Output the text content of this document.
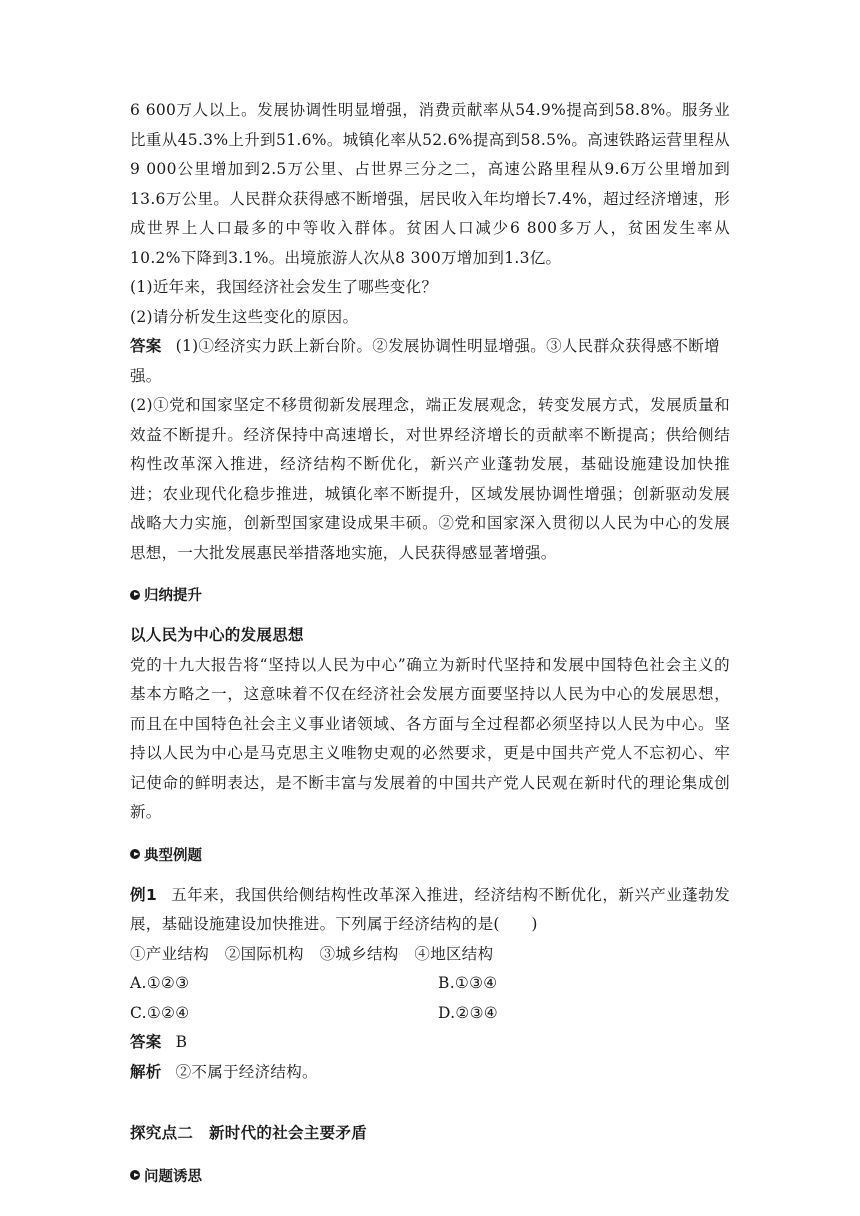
6 600万人以上。发展协调性明显增强，消费贡献率从54.9%提高到58.8%。服务业比重从45.3%上升到51.6%。城镇化率从52.6%提高到58.5%。高速铁路运营里程从9 000公里增加到2.5万公里、占世界三分之二，高速公路里程从9.6万公里增加到13.6万公里。人民群众获得感不断增强，居民收入年均增长7.4%，超过经济增速，形成世界上人口最多的中等收入群体。贫困人口减少6 800多万人，贫困发生率从10.2%下降到3.1%。出境旅游人次从8 300万增加到1.3亿。

(1)近年来，我国经济社会发生了哪些变化？

(2)请分析发生这些变化的原因。

答案 (1)①经济实力跃上新台阶。②发展协调性明显增强。③人民群众获得感不断增强。

(2)①党和国家坚定不移贯彻新发展理念，端正发展观念，转变发展方式，发展质量和效益不断提升。经济保持中高速增长，对世界经济增长的贡献率不断提高；供给侧结构性改革深入推进，经济结构不断优化，新兴产业蓬勃发展，基础设施建设加快推进；农业现代化稳步推进，城镇化率不断提升，区域发展协调性增强；创新驱动发展战略大力实施，创新型国家建设成果丰硕。②党和国家深入贯彻以人民为中心的发展思想，一大批发展惠民举措落地实施，人民获得感显著增强。

归纳提升

以人民为中心的发展思想

党的十九大报告将“坚持以人民为中心”确立为新时代坚持和发展中国特色社会主义的基本方略之一，这意味着不仅在经济社会发展方面要坚持以人民为中心的发展思想，而且在中国特色社会主义事业诸领域、各方面与全过程都必须坚持以人民为中心。坚持以人民为中心是马克思主义唯物史观的必然要求，更是中国共产党人不忘初心、牢记使命的鲜明表达，是不断丰富与发展着的中国共产党人民观在新时代的理论集成创新。

典型例题

例1 五年来，我国供给侧结构性改革深入推进，经济结构不断优化，新兴产业蓬勃发展，基础设施建设加快推进。下列属于经济结构的是(　　)

①产业结构　②国际机构　③城乡结构　④地区结构

A.①②③	B.①③④
C.①②④	D.②③④

答案 B

解析 ②不属于经济结构。

探究点二　新时代的社会主要矛盾

问题诱思
